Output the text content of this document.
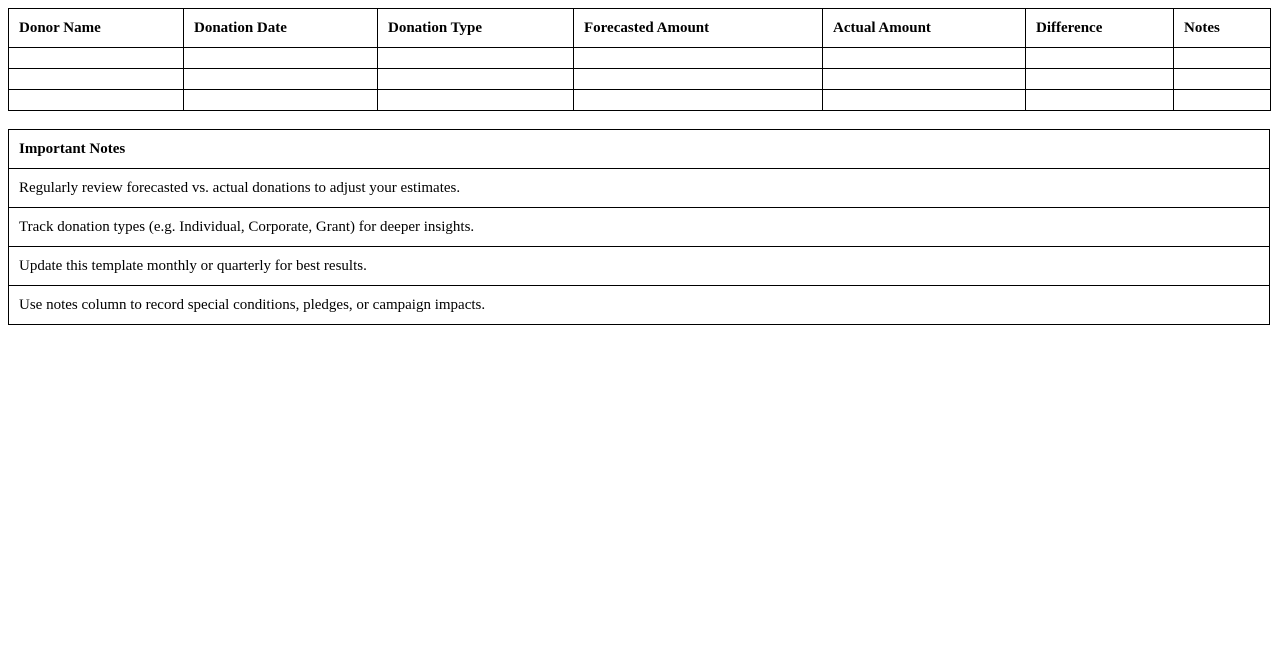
Donor Name	Donation Date	Donation Type	Forecasted Amount	Actual Amount	Difference	Notes

Important Notes
Regularly review forecasted vs. actual donations to adjust your estimates.
Track donation types (e.g. Individual, Corporate, Grant) for deeper insights.
Update this template monthly or quarterly for best results.
Use notes column to record special conditions, pledges, or campaign impacts.
